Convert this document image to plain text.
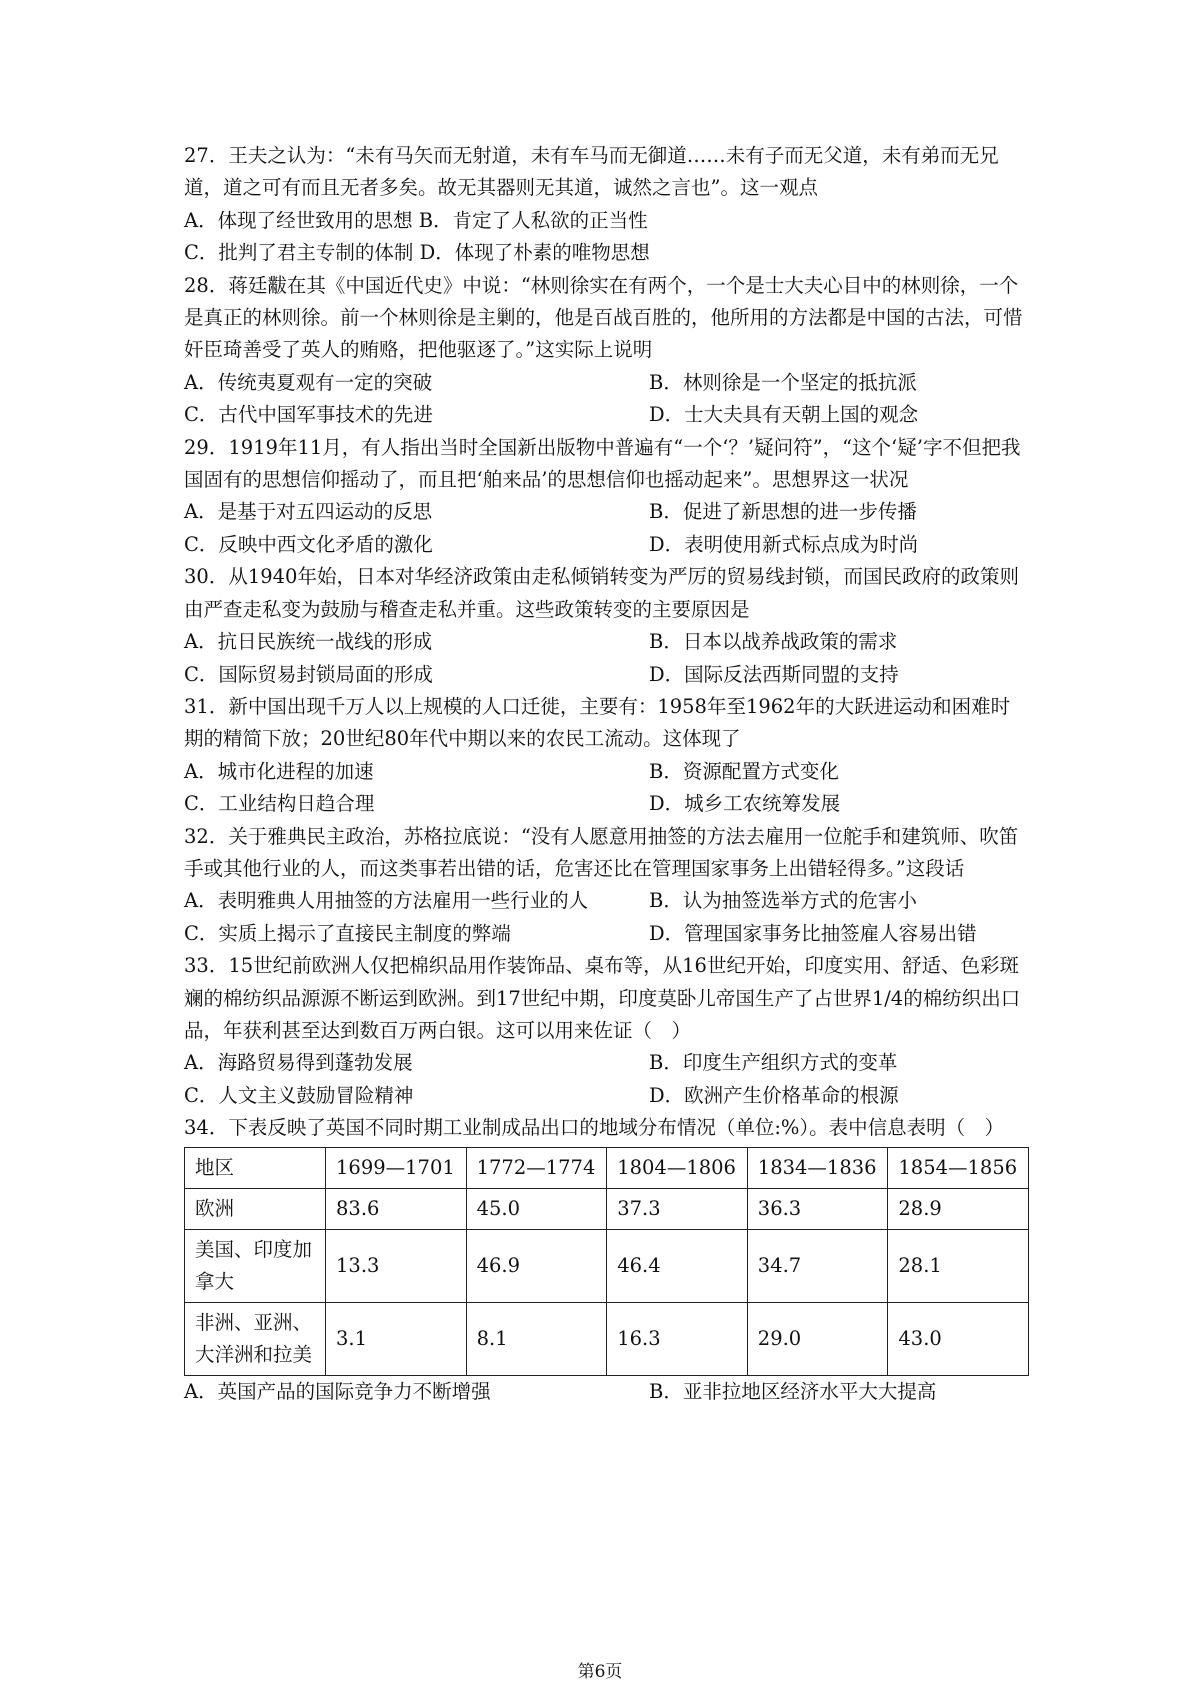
27．王夫之认为：“未有马矢而无射道，未有车马而无御道……未有子而无父道，未有弟而无兄道，道之可有而且无者多矣。故无其器则无其道，诚然之言也”。这一观点

A．体现了经世致用的思想 B．肯定了人私欲的正当性

C．批判了君主专制的体制 D．体现了朴素的唯物思想

28．蒋廷黻在其《中国近代史》中说：“林则徐实在有两个，一个是士大夫心目中的林则徐，一个是真正的林则徐。前一个林则徐是主剿的，他是百战百胜的，他所用的方法都是中国的古法，可惜奸臣琦善受了英人的贿赂，把他驱逐了。”这实际上说明

A．传统夷夏观有一定的突破	B．林则徐是一个坚定的抵抗派
C．古代中国军事技术的先进	D．士大夫具有天朝上国的观念

29．1919年11月，有人指出当时全国新出版物中普遍有“一个‘？’疑问符”，“这个‘疑’字不但把我国固有的思想信仰摇动了，而且把‘舶来品’的思想信仰也摇动起来”。思想界这一状况

A．是基于对五四运动的反思	B．促进了新思想的进一步传播
C．反映中西文化矛盾的激化	D．表明使用新式标点成为时尚

30．从1940年始，日本对华经济政策由走私倾销转变为严厉的贸易线封锁，而国民政府的政策则由严查走私变为鼓励与稽查走私并重。这些政策转变的主要原因是

A．抗日民族统一战线的形成	B．日本以战养战政策的需求
C．国际贸易封锁局面的形成	D．国际反法西斯同盟的支持

31．新中国出现千万人以上规模的人口迁徙，主要有：1958年至1962年的大跃进运动和困难时期的精简下放；20世纪80年代中期以来的农民工流动。这体现了

A．城市化进程的加速	B．资源配置方式变化
C．工业结构日趋合理	D．城乡工农统筹发展

32．关于雅典民主政治，苏格拉底说：“没有人愿意用抽签的方法去雇用一位舵手和建筑师、吹笛手或其他行业的人，而这类事若出错的话，危害还比在管理国家事务上出错轻得多。”这段话

A．表明雅典人用抽签的方法雇用一些行业的人	B．认为抽签选举方式的危害小
C．实质上揭示了直接民主制度的弊端	D．管理国家事务比抽签雇人容易出错

33．15世纪前欧洲人仅把棉织品用作装饰品、桌布等，从16世纪开始，印度实用、舒适、色彩斑斓的棉纺织品源源不断运到欧洲。到17世纪中期，印度莫卧儿帝国生产了占世界1/4的棉纺织出口品，年获利甚至达到数百万两白银。这可以用来佐证（　）

A．海路贸易得到蓬勃发展	B．印度生产组织方式的变革
C．人文主义鼓励冒险精神	D．欧洲产生价格革命的根源

34．下表反映了英国不同时期工业制成品出口的地域分布情况（单位:%）。表中信息表明（　）

地区	1699—1701	1772—1774	1804—1806	1834—1836	1854—1856
欧洲	83.6	45.0	37.3	36.3	28.9
美国、印度加拿大	13.3	46.9	46.4	34.7	28.1
非洲、亚洲、大洋洲和拉美	3.1	8.1	16.3	29.0	43.0
A．英国产品的国际竞争力不断增强	B．亚非拉地区经济水平大大提高
第6页
